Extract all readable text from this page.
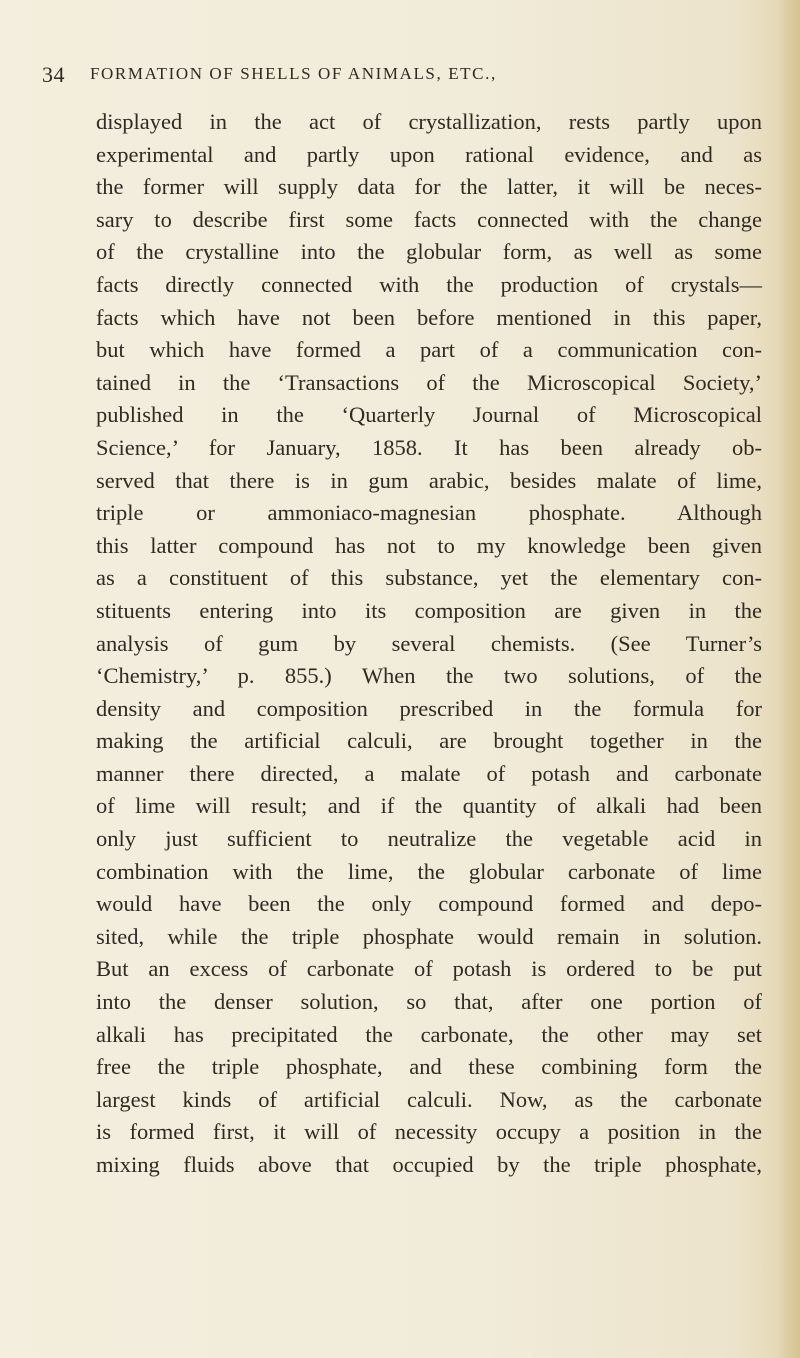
34 FORMATION OF SHELLS OF ANIMALS, ETC.,
displayed in the act of crystallization, rests partly upon
experimental and partly upon rational evidence, and as
the former will supply data for the latter, it will be neces-
sary to describe first some facts connected with the change
of the crystalline into the globular form, as well as some
facts directly connected with the production of crystals—
facts which have not been before mentioned in this paper,
but which have formed a part of a communication con-
tained in the ‘Transactions of the Microscopical Society,’
published in the ‘Quarterly Journal of Microscopical
Science,’ for January, 1858. It has been already ob-
served that there is in gum arabic, besides malate of lime,
triple or ammoniaco-magnesian phosphate. Although
this latter compound has not to my knowledge been given
as a constituent of this substance, yet the elementary con-
stituents entering into its composition are given in the
analysis of gum by several chemists. (See Turner’s
‘Chemistry,’ p. 855.) When the two solutions, of the
density and composition prescribed in the formula for
making the artificial calculi, are brought together in the
manner there directed, a malate of potash and carbonate
of lime will result; and if the quantity of alkali had been
only just sufficient to neutralize the vegetable acid in
combination with the lime, the globular carbonate of lime
would have been the only compound formed and depo-
sited, while the triple phosphate would remain in solution.
But an excess of carbonate of potash is ordered to be put
into the denser solution, so that, after one portion of
alkali has precipitated the carbonate, the other may set
free the triple phosphate, and these combining form the
largest kinds of artificial calculi. Now, as the carbonate
is formed first, it will of necessity occupy a position in the
mixing fluids above that occupied by the triple phosphate,
